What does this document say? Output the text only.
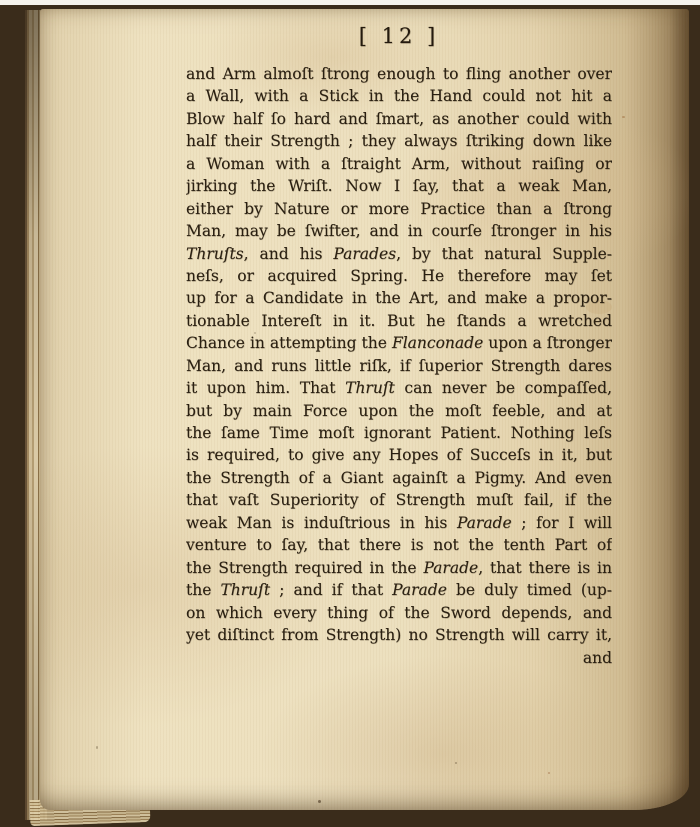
[ 12 ]
and Arm almoſt ſtrong enough to fling another over
a Wall, with a Stick in the Hand could not hit a
Blow half ſo hard and ſmart, as another could with
half their Strength ; they always ſtriking down like
a Woman with a ſtraight Arm, without raiſing or
jirking the Wriſt. Now I ſay, that a weak Man,
either by Nature or more Practice than a ſtrong
Man, may be ſwifter, and in courſe ſtronger in his
Thruſts, and his Parades, by that natural Supple-
neſs, or acquired Spring. He therefore may ſet
up for a Candidate in the Art, and make a propor-
tionable Intereſt in it. But he ſtands a wretched
Chance in attempting the Flanconade upon a ſtronger
Man, and runs little riſk, if ſuperior Strength dares
it upon him. That Thruſt can never be compaſſed,
but by main Force upon the moſt feeble, and at
the ſame Time moſt ignorant Patient. Nothing leſs
is required, to give any Hopes of Succeſs in it, but
the Strength of a Giant againſt a Pigmy. And even
that vaſt Superiority of Strength muſt fail, if the
weak Man is induſtrious in his Parade ; for I will
venture to ſay, that there is not the tenth Part of
the Strength required in the Parade, that there is in
the Thruſt ; and if that Parade be duly timed (up-
on which every thing of the Sword depends, and
yet diſtinct from Strength) no Strength will carry it,
and
